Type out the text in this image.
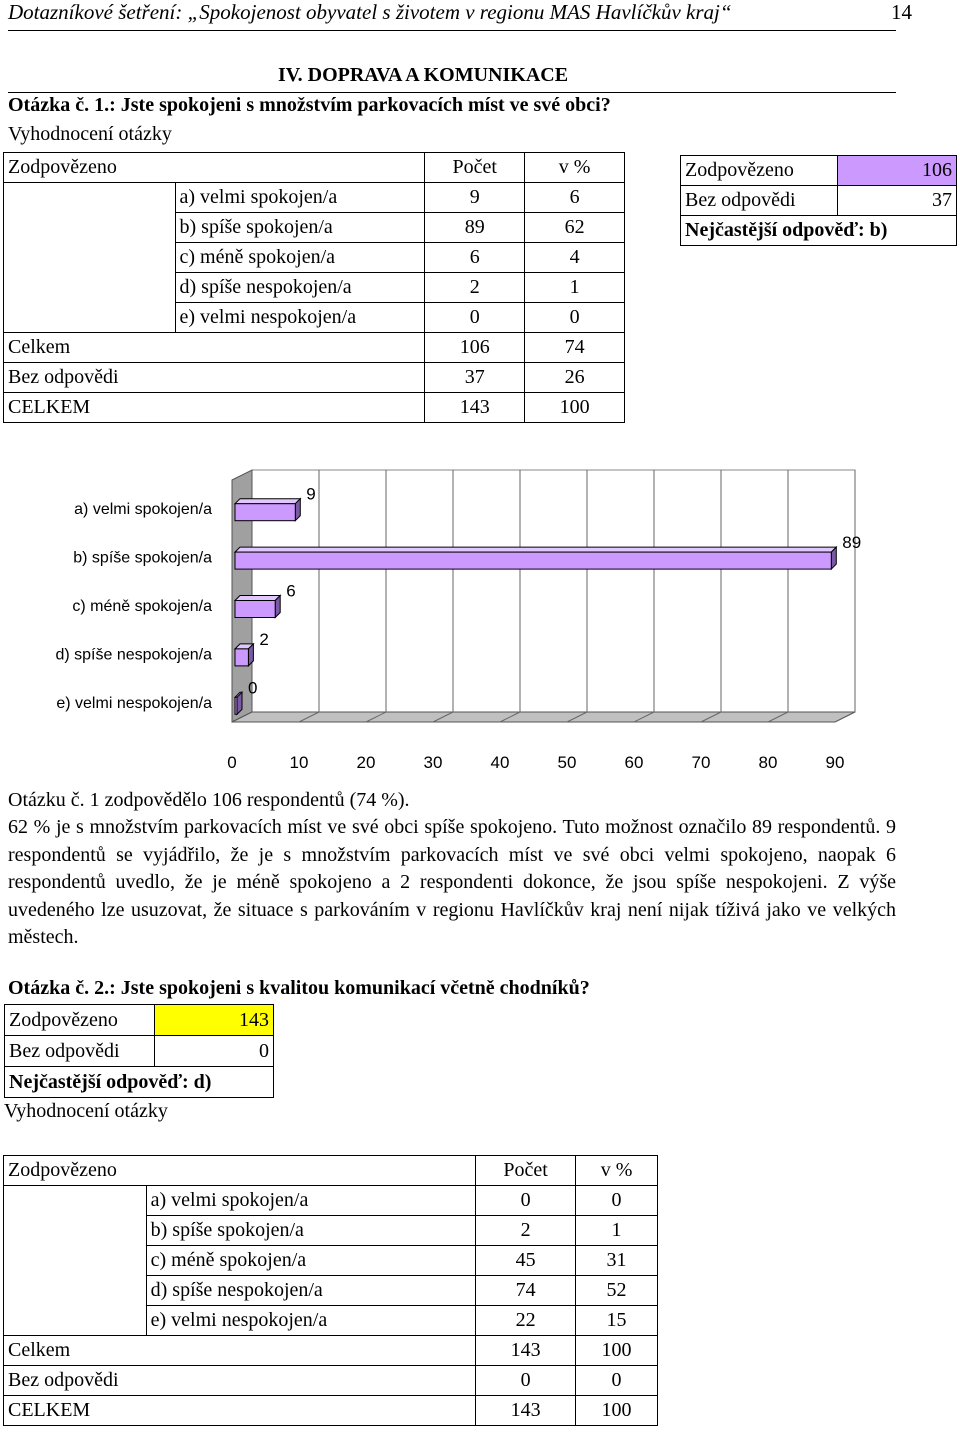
Dotazníkové šetření: „Spokojenost obyvatel s životem v regionu MAS Havlíčkův kraj“	14
IV. DOPRAVA A KOMUNIKACE
Otázka č. 1.: Jste spokojeni s množstvím parkovacích míst ve své obci?
Vyhodnocení otázky
Zodpovězeno		Počet	v %
	a) velmi spokojen/a	9	6
	b) spíše spokojen/a	89	62
	c) méně spokojen/a	6	4
	d) spíše nespokojen/a	2	1
	e) velmi nespokojen/a	0	0
Celkem		106	74
Bez odpovědi		37	26
CELKEM		143	100
Zodpovězeno	106
Bez odpovědi	37
Nejčastější odpověď: b)	
0	10	20	30	40	50	60	70	80	90
a) velmi spokojen/a
9
b) spíše spokojen/a
89
c) méně spokojen/a
6
d) spíše nespokojen/a
2
e) velmi nespokojen/a
0
Otázku č. 1 zodpovědělo 106 respondentů (74 %).
62 % je s množstvím parkovacích míst ve své obci spíše spokojeno. Tuto možnost označilo 89 respondentů. 9 respondentů se vyjádřilo, že je s množstvím parkovacích míst ve své obci velmi spokojeno, naopak 6 respondentů uvedlo, že je méně spokojeno a 2 respondenti dokonce, že jsou spíše nespokojeni. Z výše uvedeného lze usuzovat, že situace s parkováním v regionu Havlíčkův kraj není nijak tíživá jako ve velkých městech.
Otázka č. 2.: Jste spokojeni s kvalitou komunikací včetně chodníků?
Zodpovězeno	143
Bez odpovědi	0
Nejčastější odpověď: d)	
Vyhodnocení otázky
Zodpovězeno		Počet	v %
	a) velmi spokojen/a	0	0
	b) spíše spokojen/a	2	1
	c) méně spokojen/a	45	31
	d) spíše nespokojen/a	74	52
	e) velmi nespokojen/a	22	15
Celkem		143	100
Bez odpovědi		0	0
CELKEM		143	100
